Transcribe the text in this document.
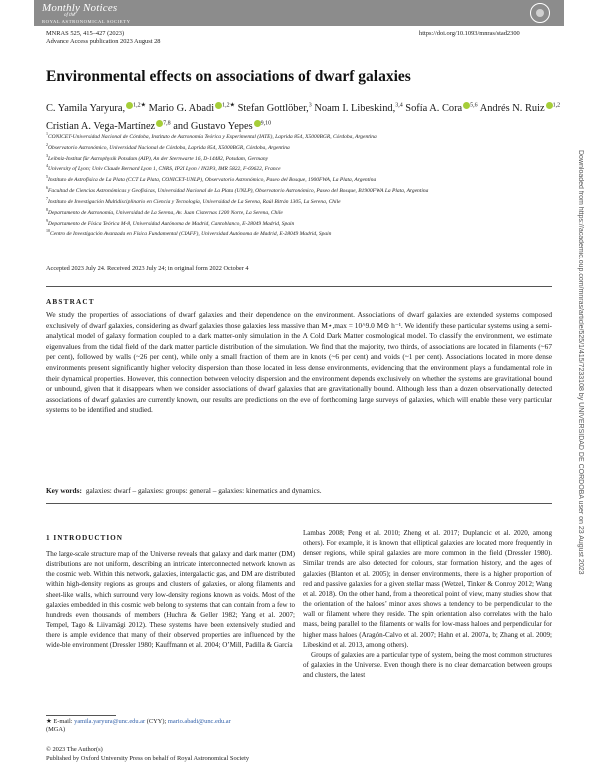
Monthly Notices
of the
ROYAL ASTRONOMICAL SOCIETY
MNRAS 525, 415–427 (2023)
Advance Access publication 2023 August 28
https://doi.org/10.1093/mnras/stad2300
Environmental effects on associations of dwarf galaxies
C. Yamila Yaryura, $^{1,2★}$ Mario G. Abadi $^{1,2★}$ Stefan Gottlöber,$^3$ Noam I. Libeskind,$^{3,4}$ Sofía A. Cora $^{5,6}$ Andrés N. Ruiz $^{1,2}$ Cristian A. Vega-Martínez $^{7,8}$ and Gustavo Yepes $^{9,10}$
$^1$CONICET-Universidad Nacional de Córdoba, Instituto de Astronomía Teórica y Experimental (IATE), Laprida 854, X5000BGR, Córdoba, Argentina
$^2$Observatorio Astronómico, Universidad Nacional de Córdoba, Laprida 854, X5000BGR, Córdoba, Argentina
$^3$Leibniz-Institut für Astrophysik Potsdam (AIP), An der Sternwarte 16, D-14482, Potsdam, Germany
$^4$University of Lyon; Univ Claude Bernard Lyon 1, CNRS, IP2I Lyon / IN2P3, IMR 5822, F-69622, France
$^5$Instituto de Astrofísica de La Plata (CCT La Plata, CONICET-UNLP), Observatorio Astronómico, Paseo del Bosque, 1900FWA, La Plata, Argentina
$^6$Facultad de Ciencias Astronómicas y Geofísicas, Universidad Nacional de La Plata (UNLP), Observatorio Astronómico, Paseo del Bosque, B1900FWA La Plata, Argentina
$^7$Instituto de Investigación Multidisciplinario en Ciencia y Tecnología, Universidad de La Serena, Raúl Bitrán 1305, La Serena, Chile
$^8$Departamento de Astronomía, Universidad de La Serena, Av. Juan Cisternas 1200 Norte, La Serena, Chile
$^9$Departamento de Física Teórica M-8, Universidad Autónoma de Madrid, Cantoblanco, E-28049 Madrid, Spain
$^{10}$Centro de Investigación Avanzada en Física Fundamental (CIAFF), Universidad Autónoma de Madrid, E-28049 Madrid, Spain
Accepted 2023 July 24. Received 2023 July 24; in original form 2022 October 4
ABSTRACT
We study the properties of associations of dwarf galaxies and their dependence on the environment. Associations of dwarf galaxies are extended systems composed exclusively of dwarf galaxies, considering as dwarf galaxies those galaxies less massive than M⋆,max = 10^9.0 M⊙ h⁻¹. We identify these particular systems using a semi-analytical model of galaxy formation coupled to a dark matter-only simulation in the Λ Cold Dark Matter cosmological model. To classify the environment, we estimate eigenvalues from the tidal field of the dark matter particle distribution of the simulation. We find that the majority, two thirds, of associations are located in filaments (~67 per cent), followed by walls (~26 per cent), while only a small fraction of them are in knots (~6 per cent) and voids (~1 per cent). Associations located in more dense environments present significantly higher velocity dispersion than those located in less dense environments, evidencing that the environment plays a fundamental role in their dynamical properties. However, this connection between velocity dispersion and the environment depends exclusively on whether the systems are gravitational bound or unbound, given that it disappears when we consider associations of dwarf galaxies that are gravitationally bound. Although less than a dozen observationally detected associations of dwarf galaxies are currently known, our results are predictions on the eve of forthcoming large surveys of galaxies, which will enable these very particular systems to be identified and studied.
Key words: galaxies: dwarf – galaxies: groups: general – galaxies: kinematics and dynamics.
1 INTRODUCTION

The large-scale structure map of the Universe reveals that galaxy and dark matter (DM) distributions are not uniform, describing an intricate interconnected network known as the cosmic web. Within this network, galaxies, intergalactic gas, and DM are distributed within high-density regions as groups and clusters of galaxies, or along filaments and sheet-like walls, which surround very low-density regions known as voids. Most of the galaxies embedded in this cosmic web belong to systems that can contain from a few to hundreds even thousands of members (Huchra & Geller 1982; Yang et al. 2007; Tempel, Tago & Liivamägi 2012). These systems have been extensively studied and there is ample evidence that many of their observed properties are influenced by the wide-ble environment (Dressler 1980; Kauffmann et al. 2004; O’Mill, Padilla & García

Lambas 2008; Peng et al. 2010; Zheng et al. 2017; Duplancic et al. 2020, among others). For example, it is known that elliptical galaxies are located more frequently in denser regions, while spiral galaxies are more common in the field (Dressler 1980). Similar trends are also detected for colours, star formation history, and the ages of galaxies (Blanton et al. 2005); in denser environments, there is a higher proportion of red and passive galaxies for a given stellar mass (Wetzel, Tinker & Conroy 2012; Wang et al. 2018). On the other hand, from a theoretical point of view, many studies show that the orientation of the haloes’ minor axes shows a tendency to be perpendicular to the wall or filament where they reside. The spin orientation also correlates with the halo mass, being parallel to the filaments or walls for low-mass haloes and perpendicular for higher mass haloes (Aragón-Calvo et al. 2007; Hahn et al. 2007a, b; Zhang et al. 2009; Libeskind et al. 2013, among others).

Groups of galaxies are a particular type of system, being the most common structures of galaxies in the Universe. Even though there is no clear demarcation between groups and clusters, the latest

★ E-mail: yamila.yaryura@unc.edu.ar (CYY); mario.abadi@unc.edu.ar
(MGA)
© 2023 The Author(s)
Published by Oxford University Press on behalf of Royal Astronomical Society
Downloaded from https://academic.oup.com/mnras/article/525/1/415/7233108 by UNIVERSIDAD DE CORDOBA user on 23 August 2023
